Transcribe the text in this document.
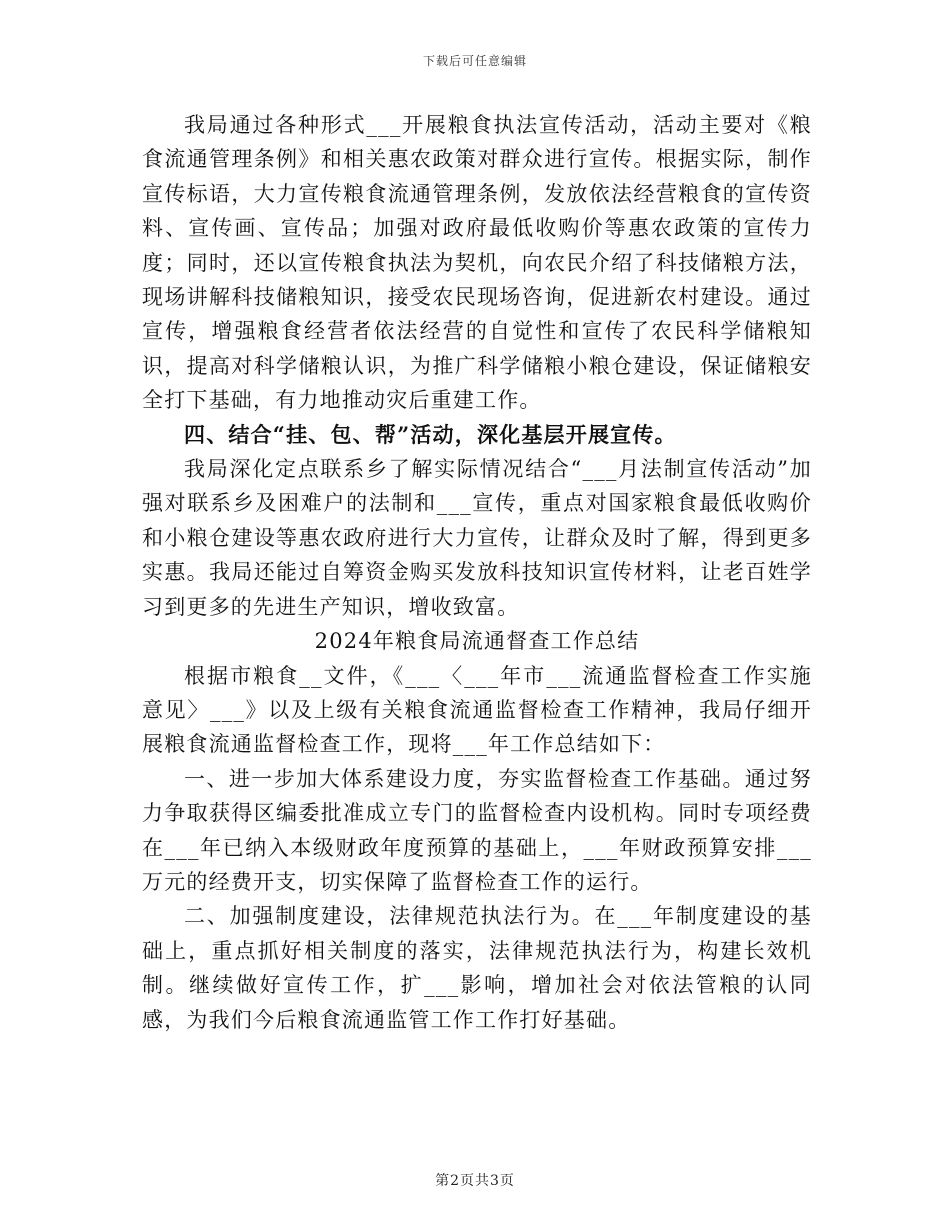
下载后可任意编辑

我局通过各种形式___开展粮食执法宣传活动，活动主要对《粮食流通管理条例》和相关惠农政策对群众进行宣传。根据实际，制作宣传标语，大力宣传粮食流通管理条例，发放依法经营粮食的宣传资料、宣传画、宣传品；加强对政府最低收购价等惠农政策的宣传力度；同时，还以宣传粮食执法为契机，向农民介绍了科技储粮方法，现场讲解科技储粮知识，接受农民现场咨询，促进新农村建设。通过宣传，增强粮食经营者依法经营的自觉性和宣传了农民科学储粮知识，提高对科学储粮认识，为推广科学储粮小粮仓建设，保证储粮安全打下基础，有力地推动灾后重建工作。

四、结合“挂、包、帮”活动，深化基层开展宣传。

我局深化定点联系乡了解实际情况结合“___月法制宣传活动”加强对联系乡及困难户的法制和___宣传，重点对国家粮食最低收购价和小粮仓建设等惠农政府进行大力宣传，让群众及时了解，得到更多实惠。我局还能过自筹资金购买发放科技知识宣传材料，让老百姓学习到更多的先进生产知识，增收致富。

2024年粮食局流通督查工作总结

根据市粮食__文件，《___〈___年市___流通监督检查工作实施意见〉___》以及上级有关粮食流通监督检查工作精神，我局仔细开展粮食流通监督检查工作，现将___年工作总结如下：

一、进一步加大体系建设力度，夯实监督检查工作基础。通过努力争取获得区编委批准成立专门的监督检查内设机构。同时专项经费在___年已纳入本级财政年度预算的基础上，___年财政预算安排___万元的经费开支，切实保障了监督检查工作的运行。

二、加强制度建设，法律规范执法行为。在___年制度建设的基础上，重点抓好相关制度的落实，法律规范执法行为，构建长效机制。继续做好宣传工作，扩___影响，增加社会对依法管粮的认同感，为我们今后粮食流通监管工作工作打好基础。

第2页共3页
